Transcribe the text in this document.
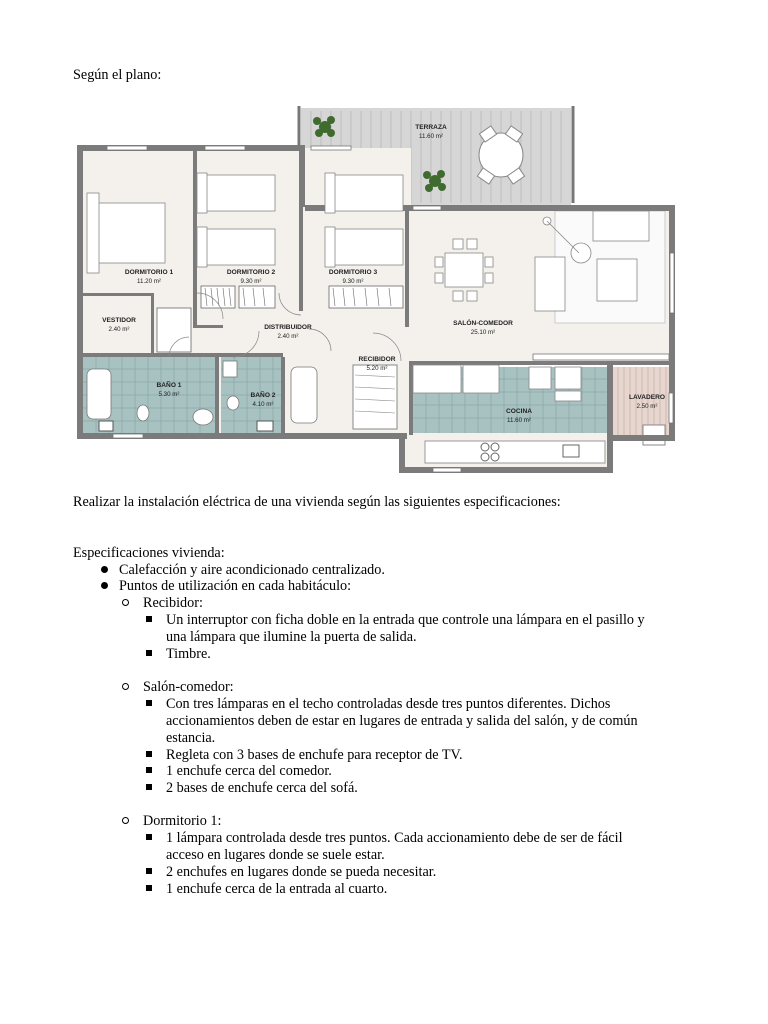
Según el plano:
TERRAZA
11.60 m²
DORMITORIO 1
11.20 m²
DORMITORIO 2
9.30 m²
DORMITORIO 3
9.30 m²
VESTIDOR
2.40 m²	DISTRIBUIDOR
2.40 m²
SALÓN-COMEDOR
25.10 m²
RECIBIDOR
5.20 m²
BAÑO 1
5.30 m²	BAÑO 2
4.10 m²
COCINA
11.60 m²
LAVADERO
2.50 m²
Realizar la instalación eléctrica de una vivienda según las siguientes especificaciones:
Especificaciones vivienda:
Calefacción y aire acondicionado centralizado.
Puntos de utilización en cada habitáculo:
Recibidor:
Un interruptor con ficha doble en la entrada que controle una lámpara en el pasillo y
una lámpara que ilumine la puerta de salida.
Timbre.
Salón-comedor:
Con tres lámparas en el techo controladas desde tres puntos diferentes. Dichos
accionamientos deben de estar en lugares de entrada y salida del salón, y de común
estancia.
Regleta con 3 bases de enchufe para receptor de TV.
1 enchufe cerca del comedor.
2 bases de enchufe cerca del sofá.
Dormitorio 1:
1 lámpara controlada desde tres puntos. Cada accionamiento debe de ser de fácil
acceso en lugares donde se suele estar.
2 enchufes en lugares donde se pueda necesitar.
1 enchufe cerca de la entrada al cuarto.
